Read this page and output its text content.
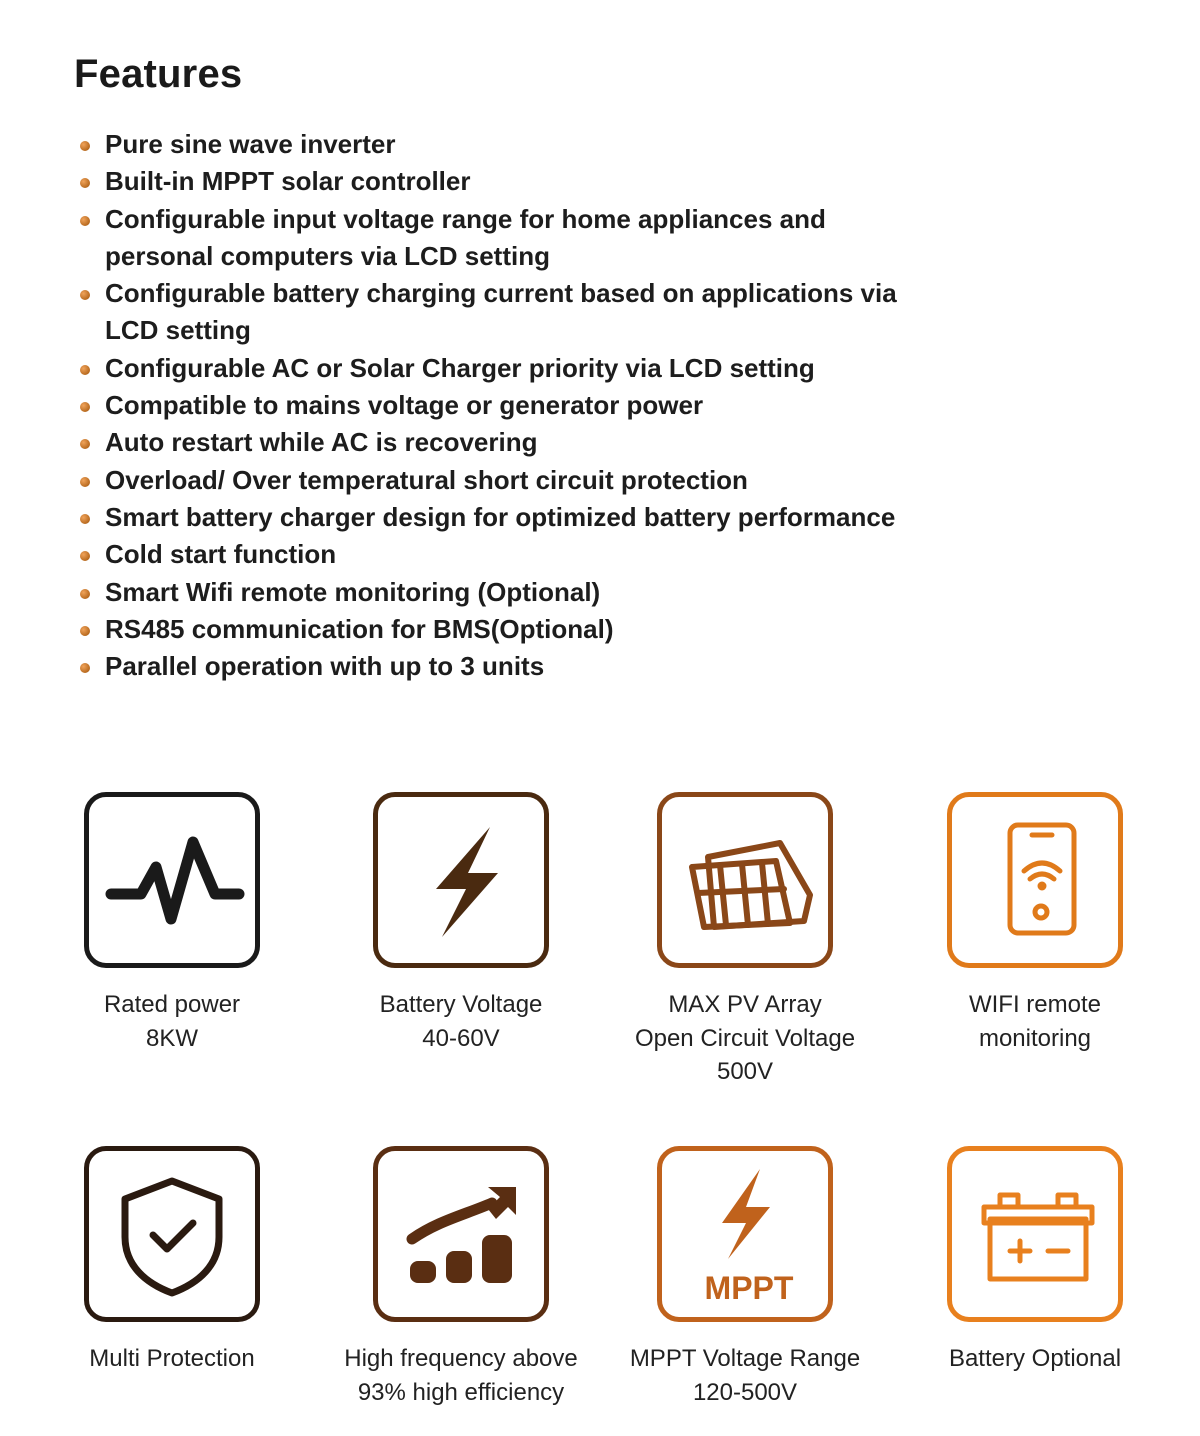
Features
Pure sine wave inverter
Built-in MPPT solar controller
Configurable input voltage range for home appliances and
personal computers via LCD setting
Configurable battery charging current based on applications via
LCD setting
Configurable AC or Solar Charger priority via LCD setting
Compatible to mains voltage or generator power
Auto restart while AC is recovering
Overload/ Over temperatural short circuit protection
Smart battery charger design for optimized battery performance
Cold start function
Smart Wifi remote monitoring (Optional)
RS485 communication for BMS(Optional)
Parallel operation with up to 3 units
Rated power
8KW
Battery Voltage
40-60V
MAX PV Array
Open Circuit Voltage
500V
WIFI remote
monitoring
Multi Protection	High frequency above
93% high efficiency
MPPT
MPPT Voltage Range
120-500V
Battery Optional
